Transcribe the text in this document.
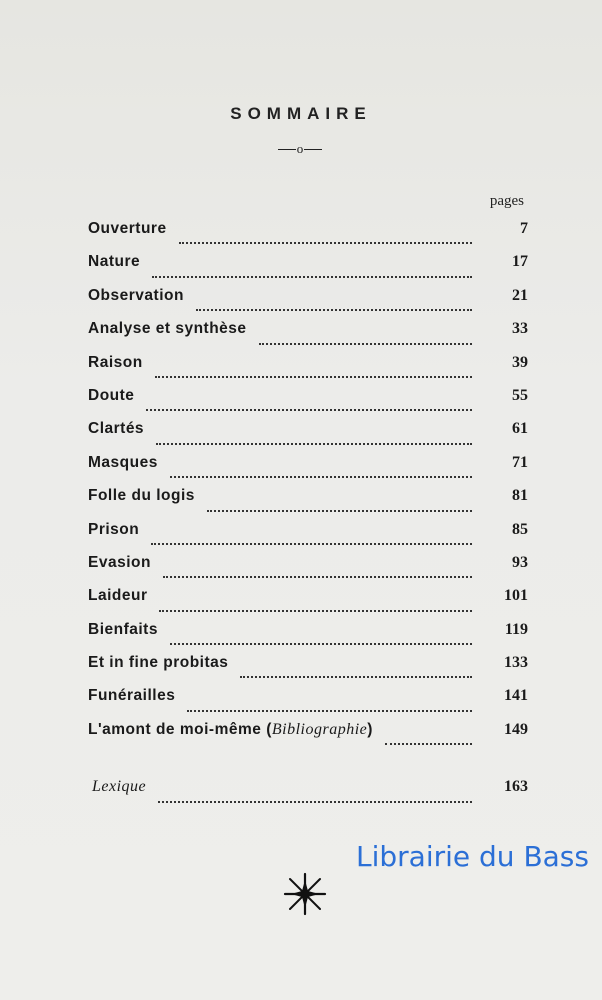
SOMMAIRE
o
pages
Ouverture	7
Nature	17
Observation	21
Analyse et synthèse	33
Raison	39
Doute	55
Clartés	61
Masques	71
Folle du logis	81
Prison	85
Evasion	93
Laideur	101
Bienfaits	119
Et in fine probitas	133
Funérailles	141
L'amont de moi-même (Bibliographie)	149
Lexique	163
Librairie du Bass
